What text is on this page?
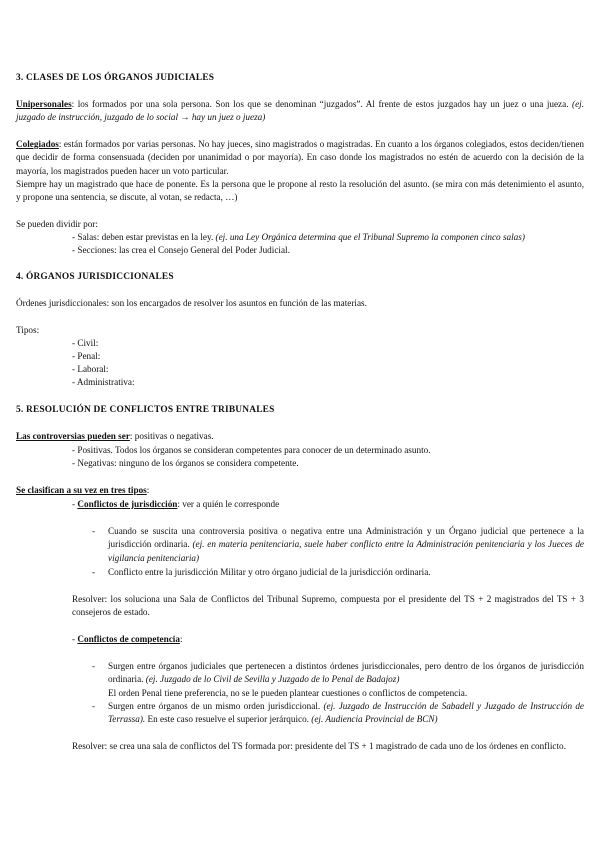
3. CLASES DE LOS ÓRGANOS JUDICIALES
Unipersonales: los formados por una sola persona. Son los que se denominan “juzgados”. Al frente de estos juzgados hay un juez o una jueza. (ej. juzgado de instrucción, juzgado de lo social → hay un juez o jueza)
Colegiados: están formados por varias personas. No hay jueces, sino magistrados o magistradas. En cuanto a los órganos colegiados, estos deciden/tienen que decidir de forma consensuada (deciden por unanimidad o por mayoría). En caso donde los magistrados no estén de acuerdo con la decisión de la mayoría, los magistrados pueden hacer un voto particular.
Siempre hay un magistrado que hace de ponente. Es la persona que le propone al resto la resolución del asunto. (se mira con más detenimiento el asunto, y propone una sentencia, se discute, al votan, se redacta, …)
Se pueden dividir por:
- Salas: deben estar previstas en la ley. (ej. una Ley Orgánica determina que el Tribunal Supremo la componen cinco salas)
- Secciones: las crea el Consejo General del Poder Judicial.
4. ÓRGANOS JURISDICCIONALES
Órdenes jurisdiccionales: son los encargados de resolver los asuntos en función de las materias.
Tipos:
- Civil:
- Penal:
- Laboral:
- Administrativa:
5. RESOLUCIÓN DE CONFLICTOS ENTRE TRIBUNALES
Las controversias pueden ser: positivas o negativas.
- Positivas. Todos los órganos se consideran competentes para conocer de un determinado asunto.
- Negativas: ninguno de los órganos se considera competente.
Se clasifican a su vez en tres tipos:
- Conflictos de jurisdicción: ver a quién le corresponde
- Cuando se suscita una controversia positiva o negativa entre una Administración y un Órgano judicial que pertenece a la jurisdicción ordinaria. (ej. en materia penitenciaria, suele haber conflicto entre la Administración penitenciaria y los Jueces de vigilancia penitenciaria)
- Conflicto entre la jurisdicción Militar y otro órgano judicial de la jurisdicción ordinaria.
Resolver: los soluciona una Sala de Conflictos del Tribunal Supremo, compuesta por el presidente del TS + 2 magistrados del TS + 3 consejeros de estado.
- Conflictos de competencia:
- Surgen entre órganos judiciales que pertenecen a distintos órdenes jurisdiccionales, pero dentro de los órganos de jurisdicción ordinaria. (ej. Juzgado de lo Civil de Sevilla y Juzgado de lo Penal de Badajoz)
El orden Penal tiene preferencia, no se le pueden plantear cuestiones o conflictos de competencia.
- Surgen entre órganos de un mismo orden jurisdiccional. (ej. Juzgado de Instrucción de Sabadell y Juzgado de Instrucción de Terrassa). En este caso resuelve el superior jerárquico. (ej. Audiencia Provincial de BCN)
Resolver: se crea una sala de conflictos del TS formada por: presidente del TS + 1 magistrado de cada uno de los órdenes en conflicto.
